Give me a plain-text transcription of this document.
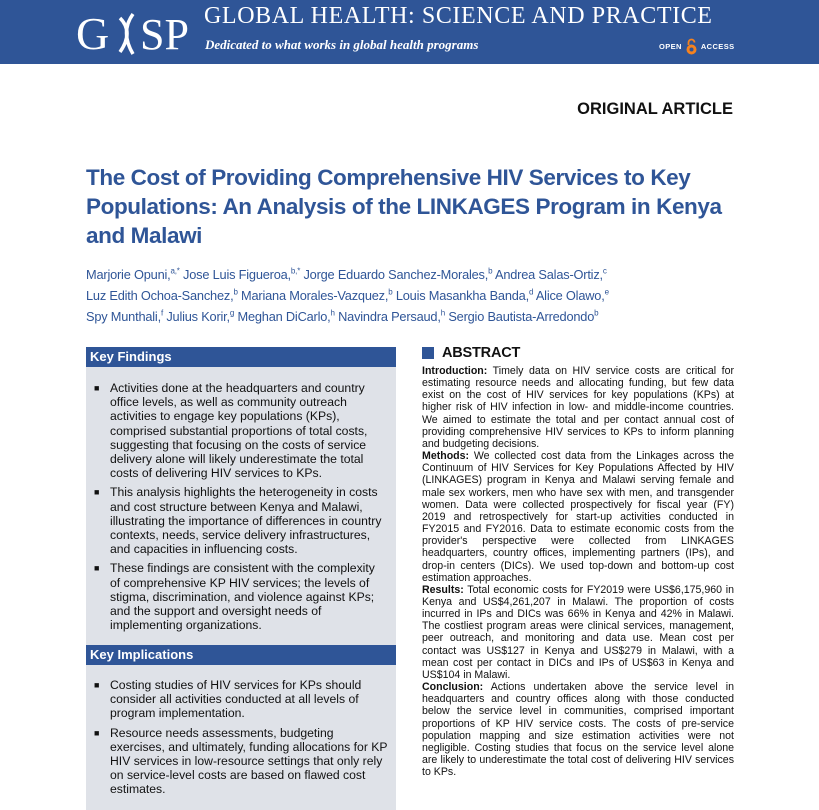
G SP GLOBAL HEALTH: SCIENCE AND PRACTICE
Dedicated to what works in global health programs	OPEN	ACCESS
ORIGINAL ARTICLE
The Cost of Providing Comprehensive HIV Services to Key Populations: An Analysis of the LINKAGES Program in Kenya and Malawi

Marjorie Opuni,$^{a,*}$ Jose Luis Figueroa,$^{b,*}$ Jorge Eduardo Sanchez-Morales,$^b$ Andrea Salas-Ortiz,$^c$
Luz Edith Ochoa-Sanchez,$^b$ Mariana Morales-Vazquez,$^b$ Louis Masankha Banda,$^d$ Alice Olawo,$^e$
Spy Munthali,$^f$ Julius Korir,$^g$ Meghan DiCarlo,$^h$ Navindra Persaud,$^h$ Sergio Bautista-Arredondo$^b$

Key Findings
■ Activities done at the headquarters and country office levels, as well as community outreach activities to engage key populations (KPs), comprised substantial proportions of total costs, suggesting that focusing on the costs of service delivery alone will likely underestimate the total costs of delivering HIV services to KPs.
■ This analysis highlights the heterogeneity in costs and cost structure between Kenya and Malawi, illustrating the importance of differences in country contexts, needs, service delivery infrastructures, and capacities in influencing costs.
■ These findings are consistent with the complexity of comprehensive KP HIV services; the levels of stigma, discrimination, and violence against KPs; and the support and oversight needs of implementing organizations.
Key Implications
■ Costing studies of HIV services for KPs should consider all activities conducted at all levels of program implementation.
■ Resource needs assessments, budgeting exercises, and ultimately, funding allocations for KP HIV services in low-resource settings that only rely on service-level costs are based on flawed cost estimates.
ABSTRACT

Introduction: Timely data on HIV service costs are critical for estimating resource needs and allocating funding, but few data exist on the cost of HIV services for key populations (KPs) at higher risk of HIV infection in low- and middle-income countries. We aimed to estimate the total and per contact annual cost of providing comprehensive HIV services to KPs to inform planning and budgeting decisions.

Methods: We collected cost data from the Linkages across the Continuum of HIV Services for Key Populations Affected by HIV (LINKAGES) program in Kenya and Malawi serving female and male sex workers, men who have sex with men, and transgender women. Data were collected prospectively for fiscal year (FY) 2019 and retrospectively for start-up activities conducted in FY2015 and FY2016. Data to estimate economic costs from the provider's perspective were collected from LINKAGES headquarters, country offices, implementing partners (IPs), and drop-in centers (DICs). We used top-down and bottom-up cost estimation approaches.

Results: Total economic costs for FY2019 were US$6,175,960 in Kenya and US$4,261,207 in Malawi. The proportion of costs incurred in IPs and DICs was 66% in Kenya and 42% in Malawi. The costliest program areas were clinical services, management, peer outreach, and monitoring and data use. Mean cost per contact was US$127 in Kenya and US$279 in Malawi, with a mean cost per contact in DICs and IPs of US$63 in Kenya and US$104 in Malawi.

Conclusion: Actions undertaken above the service level in headquarters and country offices along with those conducted below the service level in communities, comprised important proportions of KP HIV service costs. The costs of pre-service population mapping and size estimation activities were not negligible. Costing studies that focus on the service level alone are likely to underestimate the total cost of delivering HIV services to KPs.
